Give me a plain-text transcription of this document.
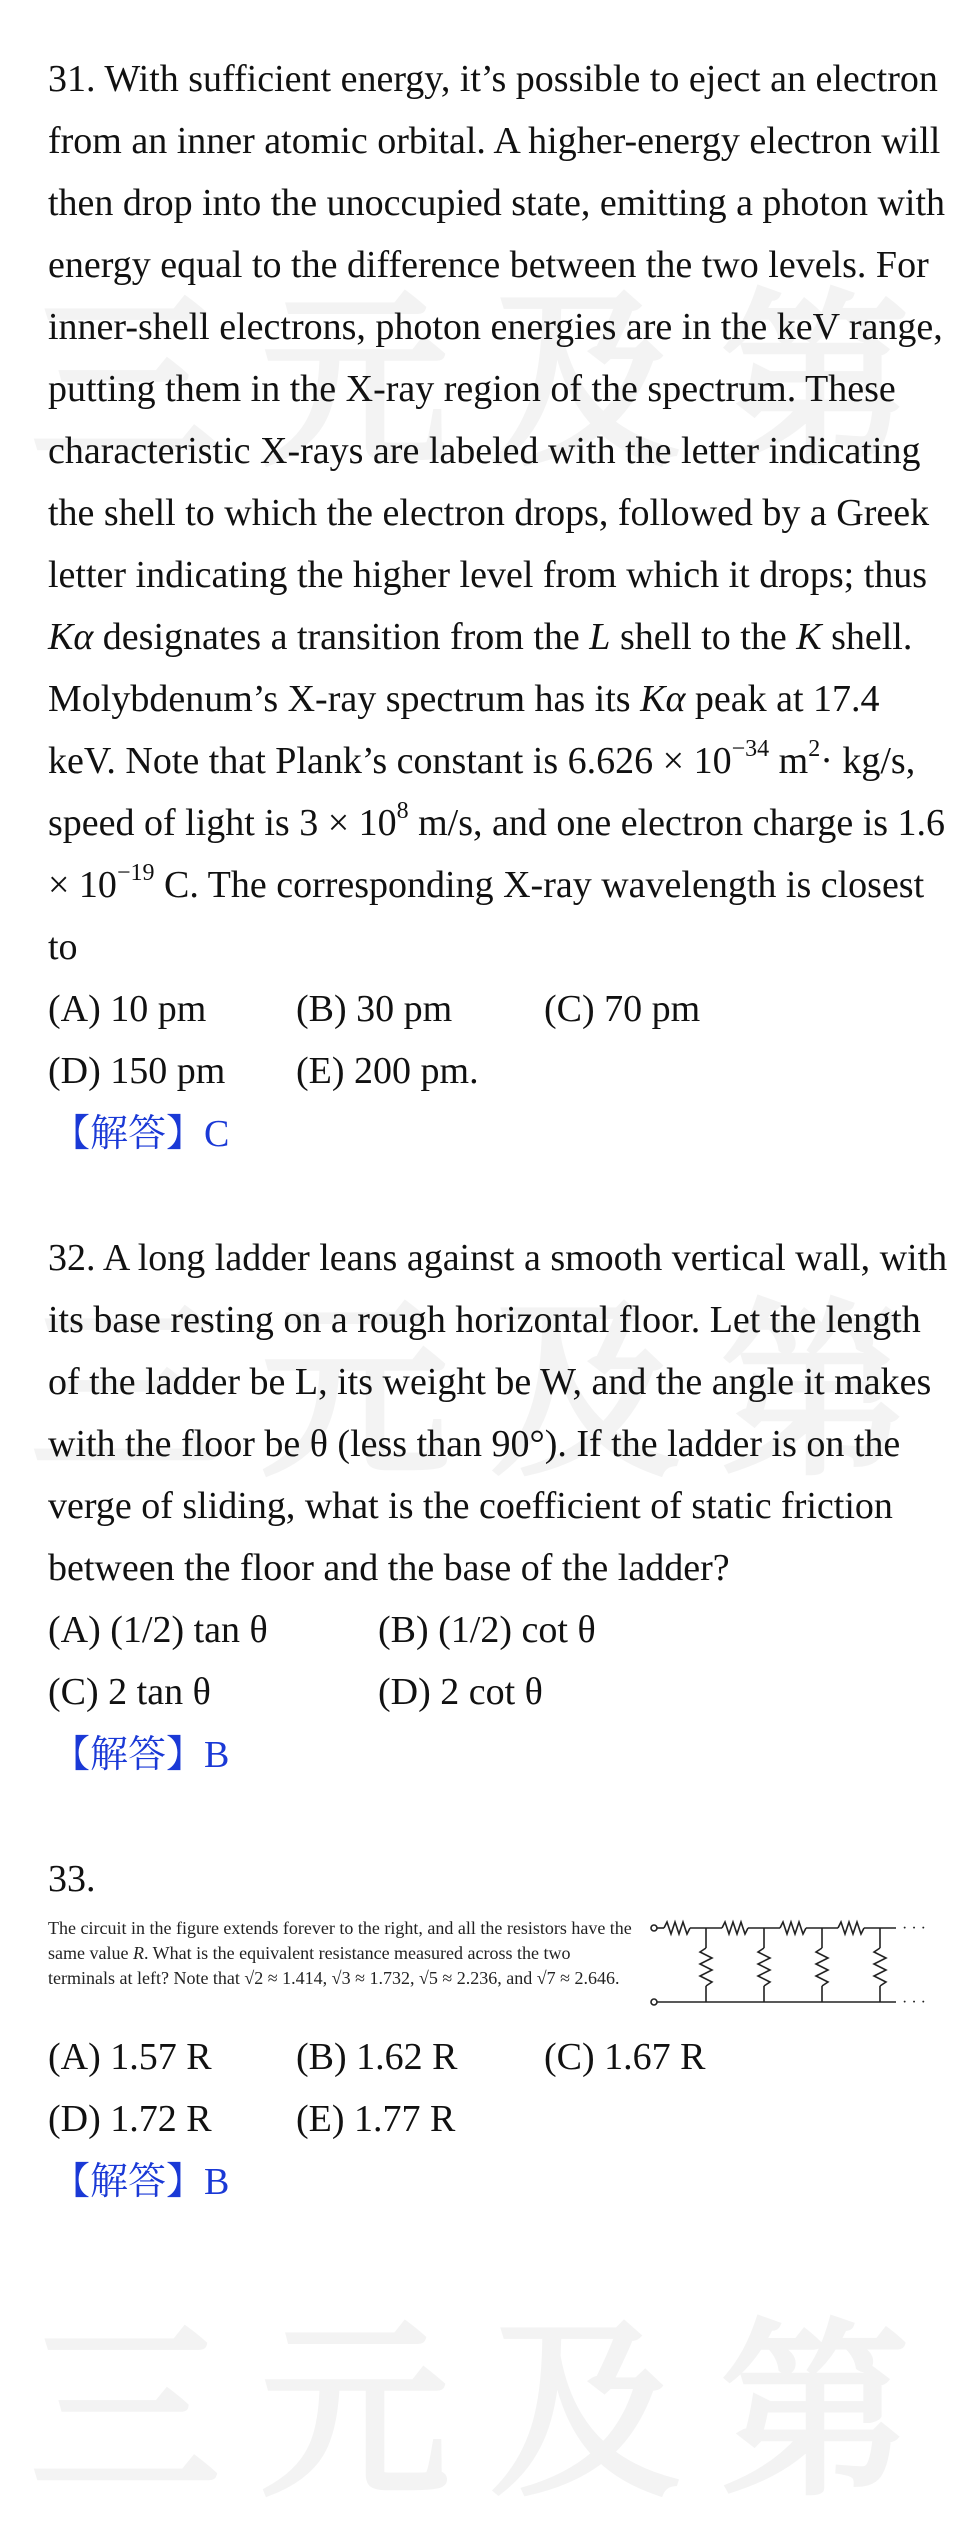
31. With sufficient energy, it’s possible to eject an electron from an inner atomic orbital. A higher-energy electron will then drop into the unoccupied state, emitting a photon with energy equal to the difference between the two levels. For inner-shell electrons, photon energies are in the keV range, putting them in the X-ray region of the spectrum. These characteristic X-rays are labeled with the letter indicating the shell to which the electron drops, followed by a Greek letter indicating the higher level from which it drops; thus Kα designates a transition from the L shell to the K shell. Molybdenum’s X-ray spectrum has its Kα peak at 17.4 keV. Note that Plank’s constant is $6.626 \times 10^{-34}$ $m^2\cdot kg/s$, speed of light is $3 \times 10^8$ m/s, and one electron charge is $1.6 \times 10^{-19}$ C. The corresponding X-ray wavelength is closest to

(A) 10 pm	(B) 30 pm	(C) 70 pm
(D) 150 pm	(E) 200 pm.

【解答】C

32. A long ladder leans against a smooth vertical wall, with its base resting on a rough horizontal floor. Let the length of the ladder be L, its weight be W, and the angle it makes with the floor be θ (less than 90°). If the ladder is on the verge of sliding, what is the coefficient of static friction between the floor and the base of the ladder?

(A) (1/2) tan θ	(B) (1/2) cot θ
(C) 2 tan θ	(D) 2 cot θ

【解答】B

33.

The circuit in the figure extends forever to the right, and all the resistors have the same value R. What is the equivalent resistance measured across the two terminals at left? Note that √2 ≈ 1.414, √3 ≈ 1.732, √5 ≈ 2.236, and √7 ≈ 2.646.

· · ·
· · ·
(A) 1.57 R	(B) 1.62 R	(C) 1.67 R
(D) 1.72 R	(E) 1.77 R

【解答】B
